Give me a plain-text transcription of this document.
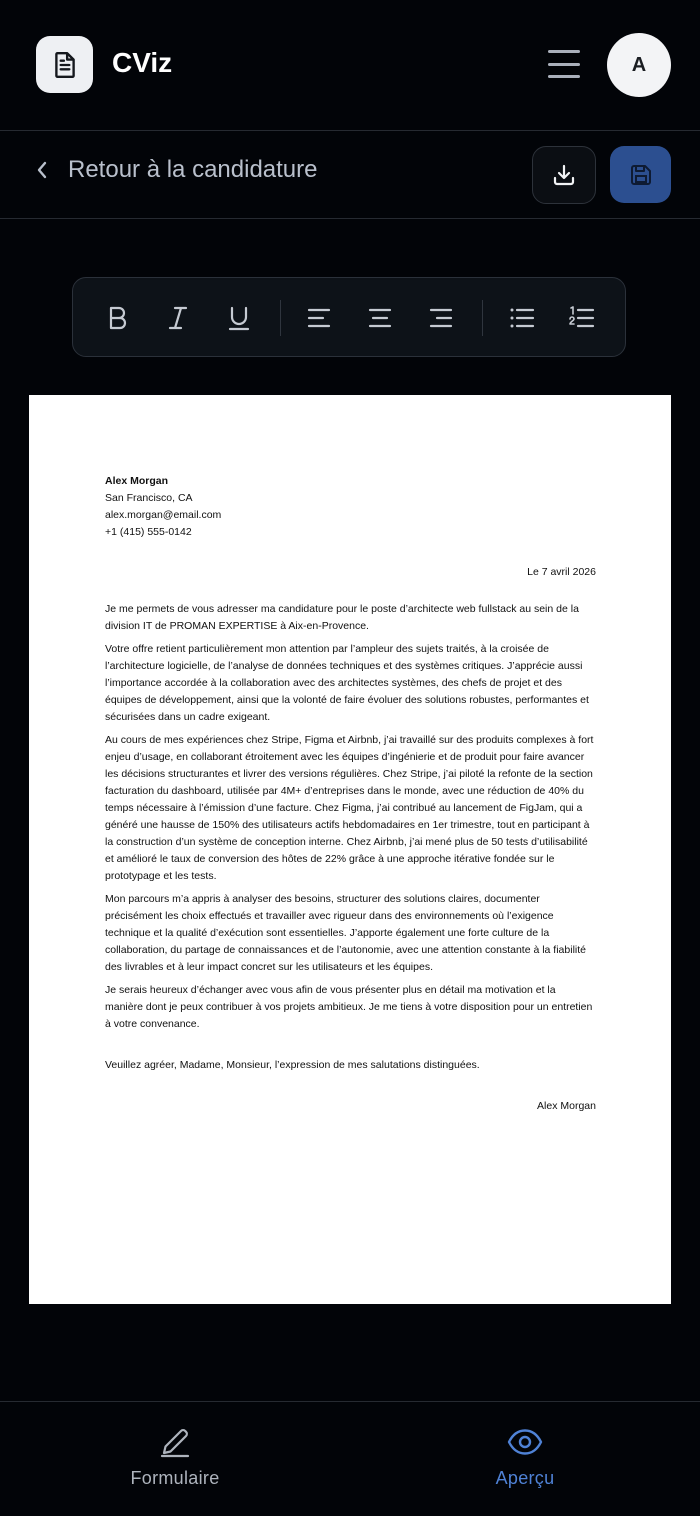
CViz	A
Retour à la candidature

Alex Morgan

San Francisco, CA

alex.morgan@email.com

+1 (415) 555-0142

Le 7 avril 2026

Je me permets de vous adresser ma candidature pour le poste d’architecte web fullstack au sein de la division IT de PROMAN EXPERTISE à Aix-en-Provence.

Votre offre retient particulièrement mon attention par l’ampleur des sujets traités, à la croisée de l’architecture logicielle, de l’analyse de données techniques et des systèmes critiques. J’apprécie aussi l’importance accordée à la collaboration avec des architectes systèmes, des chefs de projet et des équipes de développement, ainsi que la volonté de faire évoluer des solutions robustes, performantes et sécurisées dans un cadre exigeant.

Au cours de mes expériences chez Stripe, Figma et Airbnb, j’ai travaillé sur des produits complexes à fort enjeu d’usage, en collaborant étroitement avec les équipes d’ingénierie et de produit pour faire avancer les décisions structurantes et livrer des versions régulières. Chez Stripe, j’ai piloté la refonte de la section facturation du dashboard, utilisée par 4M+ d’entreprises dans le monde, avec une réduction de 40% du temps nécessaire à l’émission d’une facture. Chez Figma, j’ai contribué au lancement de FigJam, qui a généré une hausse de 150% des utilisateurs actifs hebdomadaires en 1er trimestre, tout en participant à la construction d’un système de conception interne. Chez Airbnb, j’ai mené plus de 50 tests d’utilisabilité et amélioré le taux de conversion des hôtes de 22% grâce à une approche itérative fondée sur le prototypage et les tests.

Mon parcours m’a appris à analyser des besoins, structurer des solutions claires, documenter précisément les choix effectués et travailler avec rigueur dans des environnements où l’exigence technique et la qualité d’exécution sont essentielles. J’apporte également une forte culture de la collaboration, du partage de connaissances et de l’autonomie, avec une attention constante à la fiabilité des livrables et à leur impact concret sur les utilisateurs et les équipes.

Je serais heureux d’échanger avec vous afin de vous présenter plus en détail ma motivation et la manière dont je peux contribuer à vos projets ambitieux. Je me tiens à votre disposition pour un entretien à votre convenance.

Veuillez agréer, Madame, Monsieur, l’expression de mes salutations distinguées.

Alex Morgan

Formulaire	Aperçu
